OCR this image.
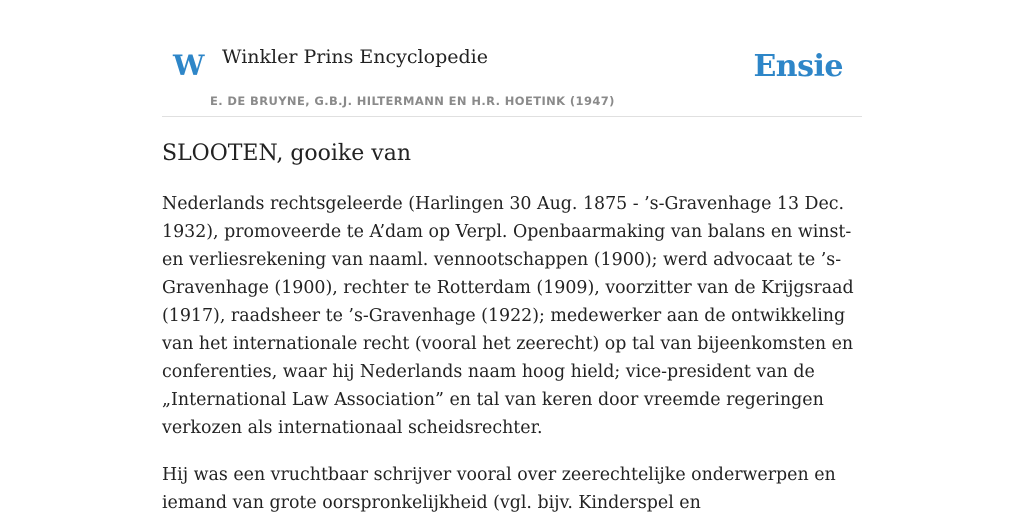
W Winkler Prins Encyclopedie
E. DE BRUYNE, G.B.J. HILTERMANN EN H.R. HOETINK (1947)
Ensie
SLOOTEN, gooike van

Nederlands rechtsgeleerde (Harlingen 30 Aug. 1875 - ’s-Gravenhage 13 Dec. 1932), promoveerde te A’dam op Verpl. Openbaarmaking van balans en winst- en verliesrekening van naaml. vennootschappen (1900); werd advocaat te ’s-Gravenhage (1900), rechter te Rotterdam (1909), voorzitter van de Krijgsraad (1917), raadsheer te ’s-Gravenhage (1922); medewerker aan de ontwikkeling van het internationale recht (vooral het zeerecht) op tal van bijeenkomsten en conferenties, waar hij Nederlands naam hoog hield; vice-president van de „International Law Association” en tal van keren door vreemde regeringen verkozen als internationaal scheidsrechter.

Hij was een vruchtbaar schrijver vooral over zeerechtelijke onderwerpen en iemand van grote oorspronkelijkheid (vgl. bijv. Kinderspel en
